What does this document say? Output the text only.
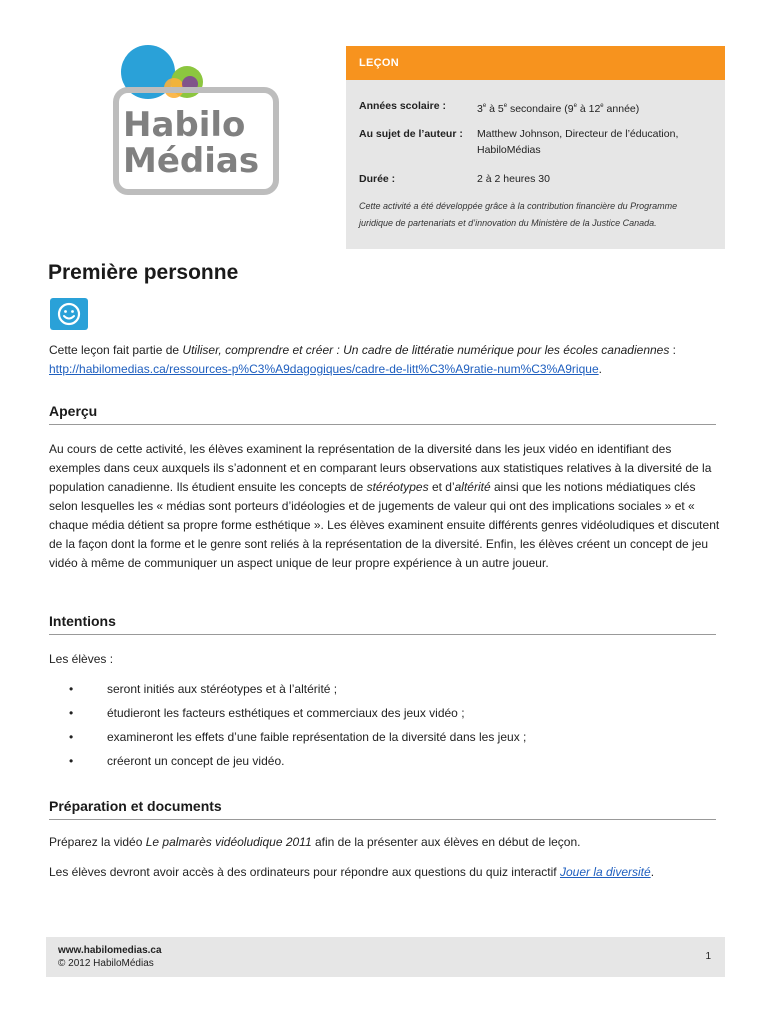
Habilo
Médias
LEÇON
Années scolaire :	3e à 5e secondaire (9e à 12e année)
Au sujet de l’auteur : Matthew Johnson, Directeur de l’éducation,
HabiloMédias
Durée :	2 à 2 heures 30
Cette activité a été développée grâce à la contribution financière du Programme juridique de partenariats et d’innovation du Ministère de la Justice Canada.
Première personne
Cette leçon fait partie de Utiliser, comprendre et créer : Un cadre de littératie numérique pour les écoles canadiennes :
http://habilomedias.ca/ressources-p%C3%A9dagogiques/cadre-de-litt%C3%A9ratie-num%C3%A9rique.
Aperçu
Au cours de cette activité, les élèves examinent la représentation de la diversité dans les jeux vidéo en identifiant des exemples dans ceux auxquels ils s’adonnent et en comparant leurs observations aux statistiques relatives à la diversité de la population canadienne. Ils étudient ensuite les concepts de stéréotypes et d’altérité ainsi que les notions médiatiques clés selon lesquelles les « médias sont porteurs d’idéologies et de jugements de valeur qui ont des implications sociales » et « chaque média détient sa propre forme esthétique ». Les élèves examinent ensuite différents genres vidéoludiques et discutent de la façon dont la forme et le genre sont reliés à la représentation de la diversité. Enfin, les élèves créent un concept de jeu vidéo à même de communiquer un aspect unique de leur propre expérience à un autre joueur.
Intentions
Les élèves :
•	seront initiés aux stéréotypes et à l’altérité ;
•	étudieront les facteurs esthétiques et commerciaux des jeux vidéo ;
•	examineront les effets d’une faible représentation de la diversité dans les jeux ;
•	créeront un concept de jeu vidéo.
Préparation et documents
Préparez la vidéo Le palmarès vidéoludique 2011 afin de la présenter aux élèves en début de leçon.
Les élèves devront avoir accès à des ordinateurs pour répondre aux questions du quiz interactif Jouer la diversité.
www.habilomedias.ca
© 2012 HabiloMédias
1
